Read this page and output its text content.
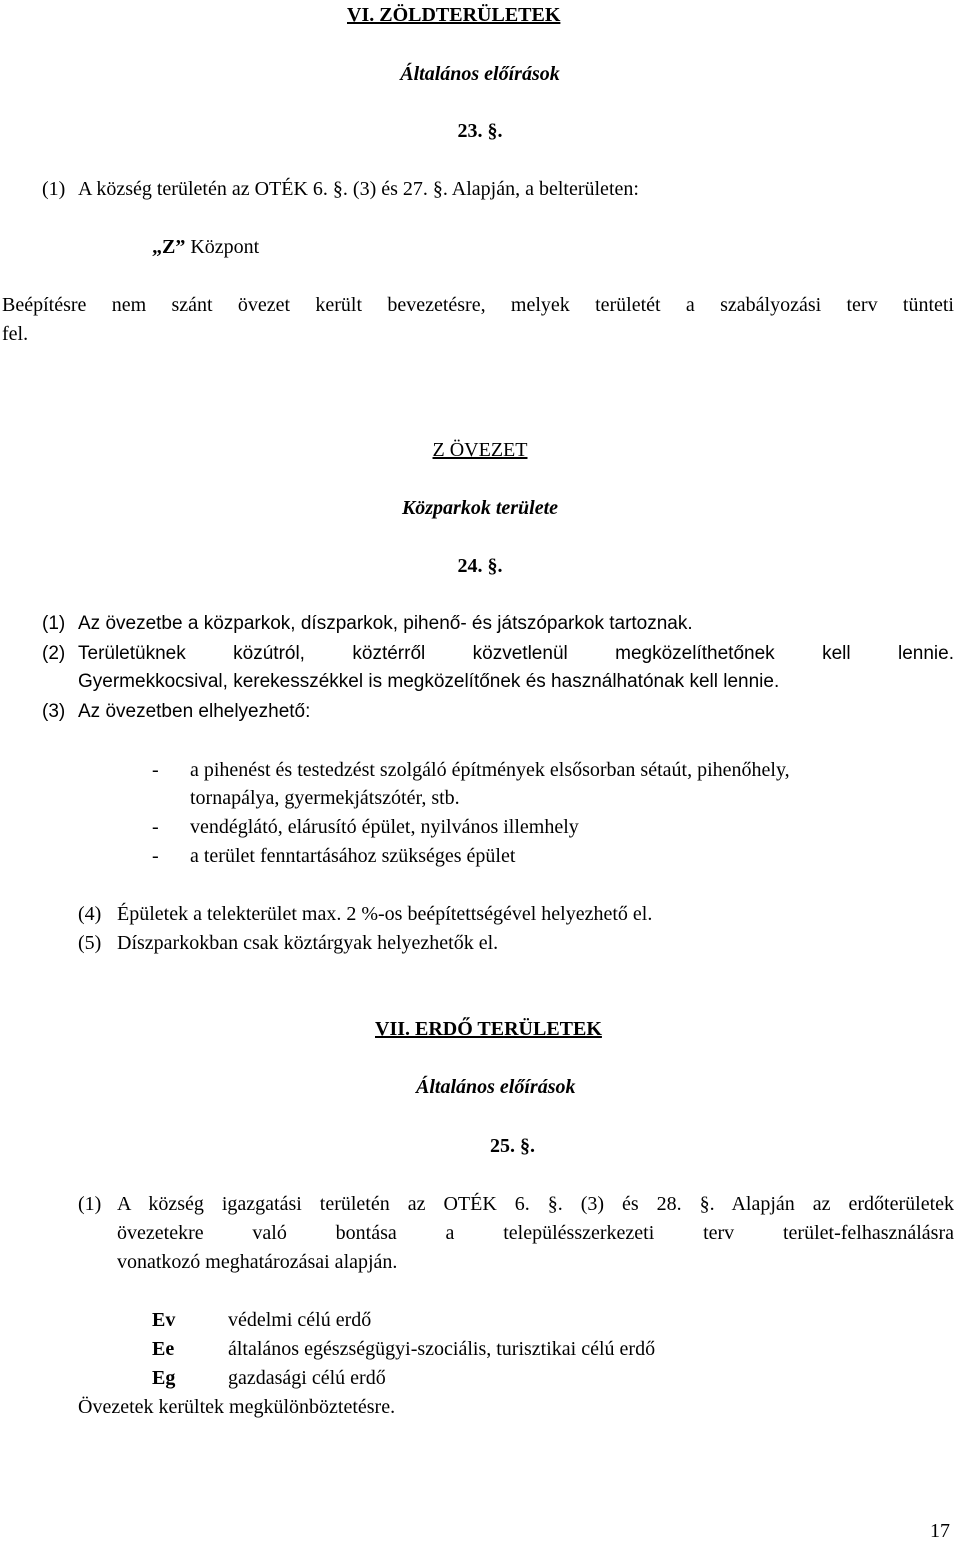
VI. ZÖLDTERÜLETEK
Általános előírások
23. §.
(1) A község területén az OTÉK 6. §. (3) és 27. §. Alapján, a belterületen:
„Z” Központ
Beépítésre nem szánt övezet került bevezetésre, melyek területét a szabályozási terv tünteti
fel.
Z ÖVEZET
Közparkok területe
24. §.
(1) Az övezetbe a közparkok, díszparkok, pihenő- és játszóparkok tartoznak.
(2) Területüknek közútról, köztérről közvetlenül megközelíthetőnek kell lennie.
Gyermekkocsival, kerekesszékkel is megközelítőnek és használhatónak kell lennie.
(3) Az övezetben elhelyezhető:
- a pihenést és testedzést szolgáló építmények elsősorban sétaút, pihenőhely,
tornapálya, gyermekjátszótér, stb.
- vendéglátó, elárusító épület, nyilvános illemhely
- a terület fenntartásához szükséges épület
(4) Épületek a telekterület max. 2 %-os beépítettségével helyezhető el.
(5) Díszparkokban csak köztárgyak helyezhetők el.
VII. ERDŐ TERÜLETEK
Általános előírások
25. §.
(1) A község igazgatási területén az OTÉK 6. §. (3) és 28. §. Alapján az erdőterületek
övezetekre való bontása a településszerkezeti terv terület-felhasználásra
vonatkozó meghatározásai alapján.
Ev	védelmi célú erdő
Ee	általános egészségügyi-szociális, turisztikai célú erdő
Eg	gazdasági célú erdő
Övezetek kerültek megkülönböztetésre.
17
